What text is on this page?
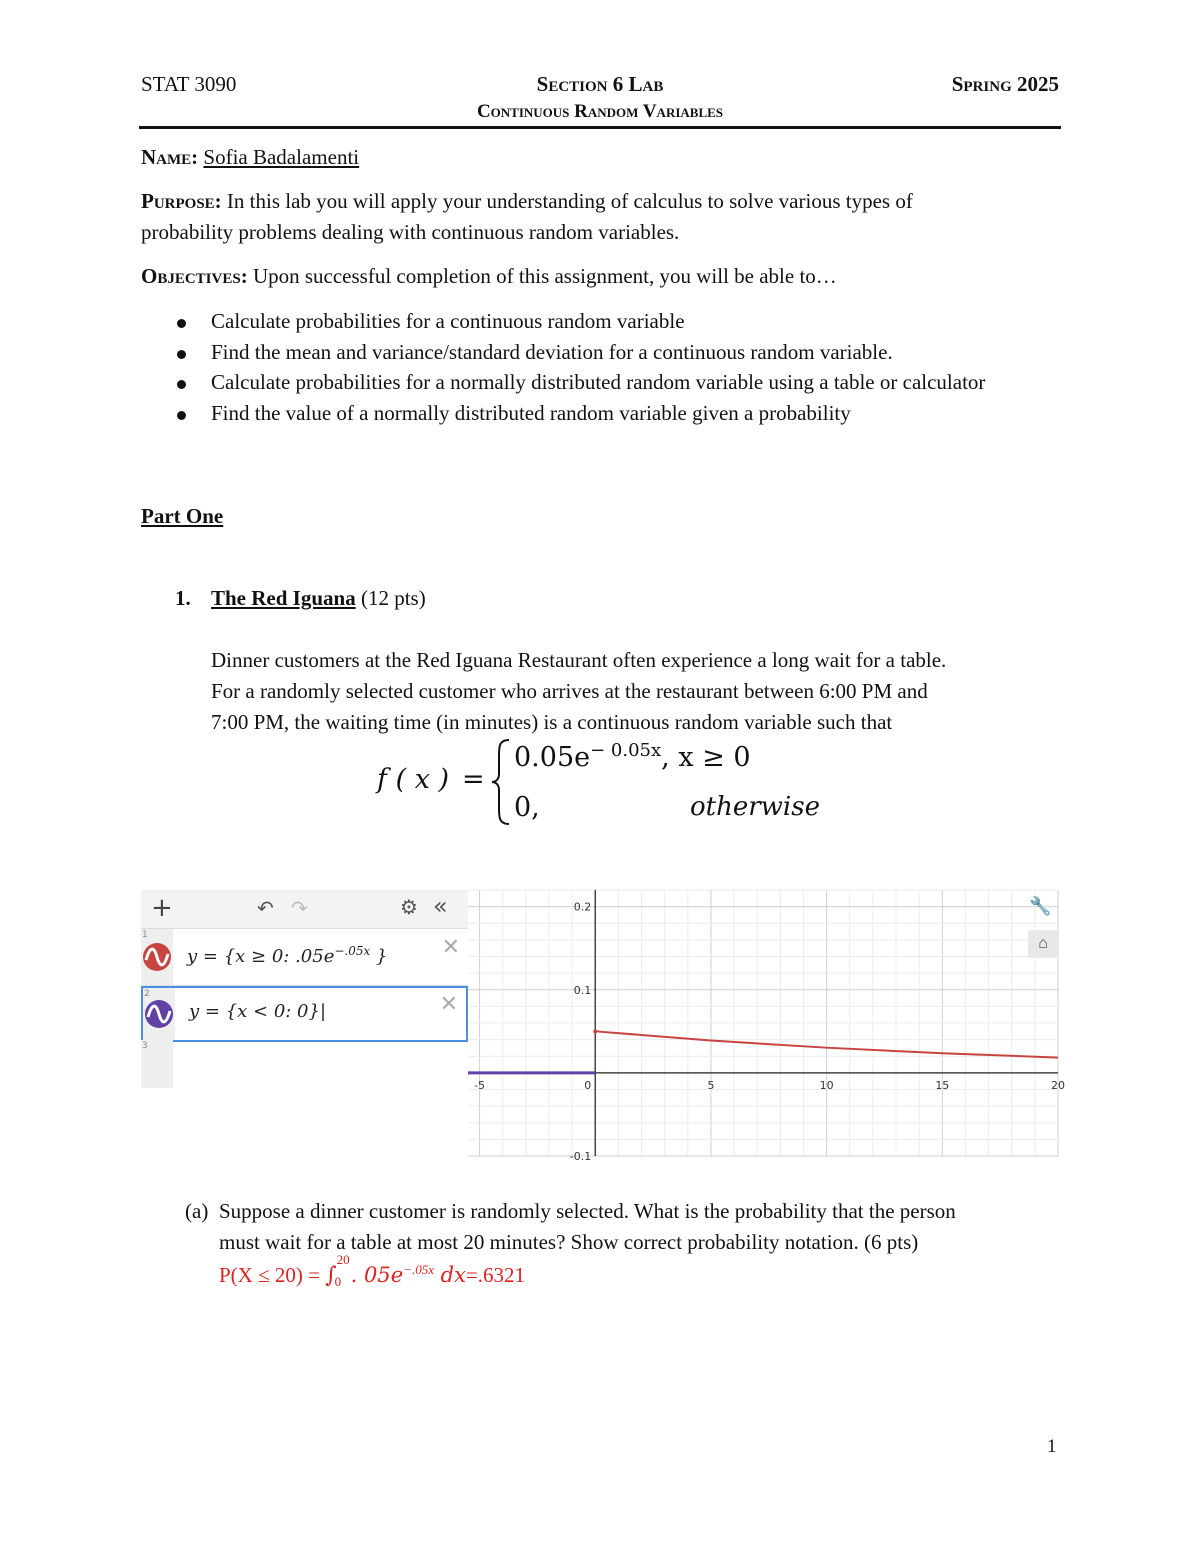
STAT 3090	Section 6 Lab	Spring 2025
Continuous Random Variables
Name: Sofia Badalamenti
Purpose: In this lab you will apply your understanding of calculus to solve various types of
probability problems dealing with continuous random variables.
Objectives: Upon successful completion of this assignment, you will be able to…
Calculate probabilities for a continuous random variable
Find the mean and variance/standard deviation for a continuous random variable.
Calculate probabilities for a normally distributed random variable using a table or calculator
Find the value of a normally distributed random variable given a probability
Part One
1. The Red Iguana (12 pts)
Dinner customers at the Red Iguana Restaurant often experience a long wait for a table.
For a randomly selected customer who arrives at the restaurant between 6:00 PM and
7:00 PM, the waiting time (in minutes) is a continuous random variable such that
f ( x ) =
$0.05e^{- 0.05x}$, x ≥ 0
0,	otherwise
+	↶ ↷	⚙ «
1
y = {x ≥ 0: $.05e^{-.05x}$ } ✕
2
y = {x < 0: 0}|	✕
3
-5	0	5	10	15	20
0.2
0.1
-0.1
🔧
⌂
(a) Suppose a dinner customer is randomly selected. What is the probability that the person
must wait for a table at most 20 minutes? Show correct probability notation. (6 pts)
P(X ≤ 20) = ∫
20
0 . $05e^{-.05x}$ dx=.6321
1
